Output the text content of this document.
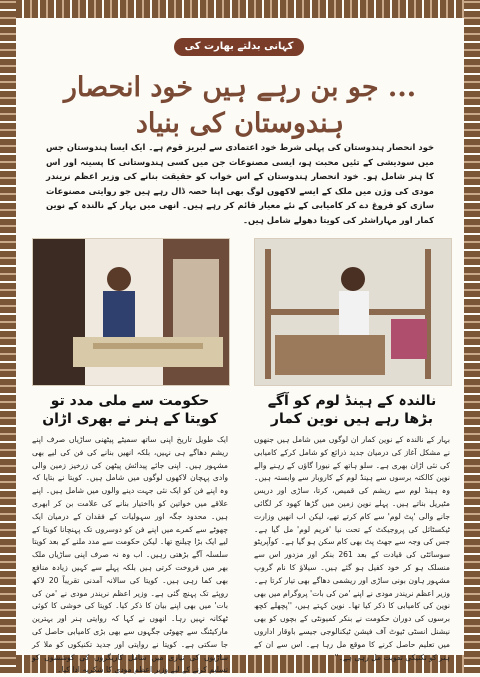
کہانی بدلتے بھارت کی
... جو بن رہے ہیں خود انحصار ہندوستان کی بنیاد
خود انحصار ہندوستان کی پہلی شرط خود اعتمادی سے لبریز قوم ہے۔ ایک ایسا ہندوستان جس میں سودیشی کے تئیں محبت ہو، ایسی مصنوعات جن میں کسی ہندوستانی کا پسینہ اور اس کا ہنر شامل ہو۔ خود انحصار ہندوستان کے اس خواب کو حقیقت بنانے کی وزیر اعظم نریندر مودی کی وژن میں ملک کے ایسے لاکھوں لوگ بھی اپنا حصہ ڈال رہے ہیں جو روایتی مصنوعات سازی کو فروغ دے کر کامیابی کے نئے معیار قائم کر رہے ہیں۔ انھی میں بہار کے نالندہ کے نوین کمار اور مہاراشٹر کی کویتا دھولے شامل ہیں۔
حکومت سے ملی مدد تو کویتا کے ہنر نے بھری اڑان
نالندہ کے ہینڈ لوم کو آگے بڑھا رہے ہیں نوین کمار
ایک طویل تاریخ اپنی ساتھ سمیٹے پیٹھنی ساڑیاں صرف اپنے ریشم دھاگے ہی نہیں، بلکہ انھیں بنانے کی فن کی لیے بھی مشہور ہیں۔ اپنی جائے پیدائش پیٹھن کی زرخیز زمین والی وادی پہچان لاکھوں لوگوں میں شامل ہیں۔ کویتا نے بتایا کہ وہ اپنے فن کو ایک نئی جہت دینے والوں میں شامل ہیں۔ اپنے علاقے میں خواتین کو بااختیار بنانے کی علامت بن کر ابھری ہیں۔ محدود جگہ اور سہولیات کے فقدان کے درمیان ایک چھوٹے سے کمرے میں اپنے فن کو دوسروں تک پہنچانا کویتا کے لیے ایک بڑا چیلنج تھا۔ لیکن حکومت سے مدد ملنے کے بعد کویتا سلسلہ آگے بڑھتی رہیں۔ اب وہ نہ صرف اپنی ساڑیاں ملک بھر میں فروخت کرتی ہیں بلکہ پہلے سے کہیں زیادہ منافع بھی کما رہی ہیں۔ کویتا کی سالانہ آمدنی تقریباً 20 لاکھ روپئے تک پہنچ گئی ہے۔ وزیر اعظم نریندر مودی نے 'من کی بات' میں بھی اپنے بیان کا ذکر کیا۔ کویتا کی خوشی کا کوئی ٹھکانہ نہیں رہا۔ انھوں نے کہا کہ روایتی ہنر اور بہترین مارکیٹنگ سے چھوٹی جگہوں سے بھی بڑی کامیابی حاصل کی جا سکتی ہے۔ کویتا نے روایتی اور جدید تکنیکوں کو ملا کر ساڑیوں کی تیاری میں شامل کاریگروں کی کوششوں کو تسلیم کرنے کے لیے وزیر اعظم مودی کا شکریہ ادا کیا۔
بہار کے نالندہ کے نوین کمار ان لوگوں میں شامل ہیں جنھوں نے مشکل آغاز کی درمیان جدید ذرائع کو شامل کرکے کامیابی کی نئی اڑان بھری ہے۔ سلو ہاتھ کے نیورا گاؤں کے رہنے والے نوین کالکتہ برسوں سے ہینڈ لوم کے کاروبار سے وابستہ ہیں۔ وہ ہینڈ لوم سے ریشم کی قمیص، کرتا، ساڑی اور دریس مٹیریل بناتے ہیں۔ پہلے نوین زمین میں گڑھا کھود کر لگائی جانے والی 'پٹ لوم' سے کام کرتے تھے، لیکن اب انھیں وزارت ٹیکسٹائل کی پروجیکٹ کے تحت نیا 'فریم لوم' مل گیا ہے۔ جس کی وجہ سے جھٹ پٹ بھی کام سکن ہو گیا ہے۔ کوآپریٹو سوسائٹی کی قیادت کے بعد 261 بنکر اور مزدور اس سے منسلک ہو کر خود کفیل ہو گئے ہیں۔ سیلاؤ کا نام گروپ مشہور ہاون بونی ساڑی اور ریشمی دھاگے بھی تیار کرتا ہے۔ وزیر اعظم نریندر مودی نے اپنے 'من کی بات' پروگرام میں بھی نوین کی کامیابی کا ذکر کیا تھا۔ نوین کہتے ہیں، ''پچھلے کچھ برسوں کی دوران حکومت نے بنکر کمیونٹی کے بچوں کو بھی نیشنل انسٹی ٹیوٹ آف فیشن ٹیکنالوجی جیسے باوقار اداروں میں تعلیم حاصل کرنے کا موقع مل رہا ہے۔ اس سے ان کے ہنر کو تکنیکی تقویت مل رہی ہے۔''
